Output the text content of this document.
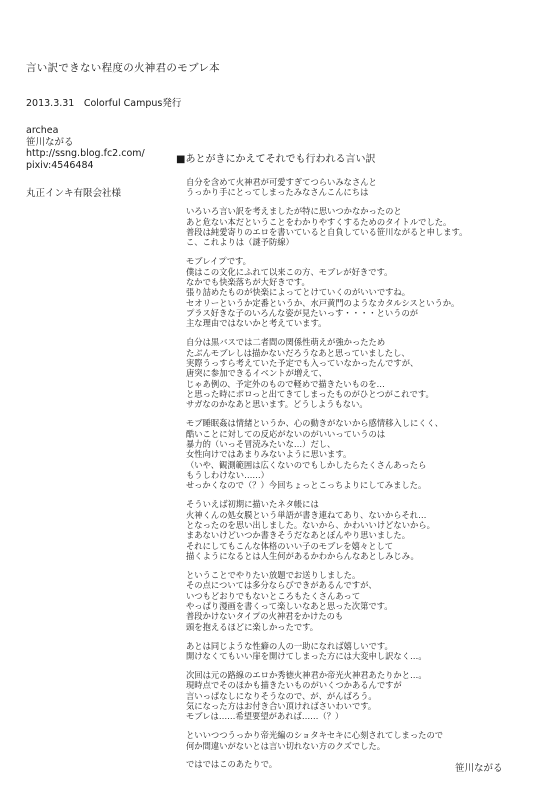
言い訳できない程度の火神君のモブレ本
2013.3.31　Colorful Campus発行
archea
笹川ながる
http://ssng.blog.fc2.com/
pixiv:4546484
丸正インキ有限会社様
■あとがきにかえてそれでも行われる言い訳
自分を含めて火神君が可愛すぎてつらいみなさんと
うっかり手にとってしまったみなさんこんにちは
いろいろ言い訳を考えましたが特に思いつかなかったのと
あと危ない本だということをわかりやすくするためのタイトルでした。
普段は純愛寄りのエロを書いていると自負している笹川ながると申します。
こ、これよりは（謎予防線）
モブレイプです。
僕はこの文化にふれて以来この方、モブレが好きです。
なかでも快楽落ちが大好きです。
張り詰めたものが快楽によってとけていくのがいいですね。
セオリーというか定番というか、水戸黄門のようなカタルシスというか。
プラス好きな子のいろんな姿が見たいっす・・・・というのが
主な理由ではないかと考えています。
自分は黒バスでは二者間の関係性萌えが強かったため
たぶんモブレしは描かないだろうなあと思っていましたし、
実際うっすら考えていた予定でも入っていなかったんですが、
唐突に参加できるイベントが増えて、
じゃあ例の、予定外のもので軽めで描きたいものを…
と思った時にポロっと出てきてしまったものがひとつがこれです。
サガなのかなあと思います。どうしようもない。
モブ睡眠姦は情緒というか、心の動きがないから感情移入しにくく、
酷いことに対しての反応がないのがいいっていうのは
暴力的（いっそ冒涜みたいな…）だし、
女性向けではあまりみないように思います。
（いや、観測範囲は広くないのでもしかしたらたくさんあったら
もうしわけない……）
せっかくなので（？）今回ちょっとこっちよりにしてみました。
そういえば初期に描いたネタ帳には
火神くんの処女膜という単語が書き連ねてあり、ないからそれ…
となったのを思い出しました。ないから、かわいいけどないから。
まあないけどいつか書きそうだなあとぼんやり思いました。
それにしてもこんな体格のいい子のモブレを嬉々として
描くようになるとは人生何があるかわからんなあとしみじみ。
ということでやりたい放題でお送りしました。
その点については多分ならびできがあるんですが、
いつもどおりでもないところもたくさんあって
やっぱり漫画を書くって楽しいなあと思った次第です。
普段かけないタイプの火神君をかけたのも
頭を抱えるほどに楽しかったです。
あとは同じような性癖の人の一助になれば嬉しいです。
開けなくてもいい扉を開けてしまった方には大変申し訳なく…。
次回は元の路線のエロか秀徳火神君か帝光火神君あたりかと…。
現時点でそのほかも描きたいものがいくつかあるんですが
言いっぱなしになりそうなので、が、がんばろう。
気になった方はお付き合い頂ければさいわいです。
モブレは……希望要望があれば……（？）
といいつつうっかり帝光編のショタキセキに心刻されてしまったので
何か間違いがないとは言い切れない方のクズでした。
ではではこのあたりで。	笹川ながる
